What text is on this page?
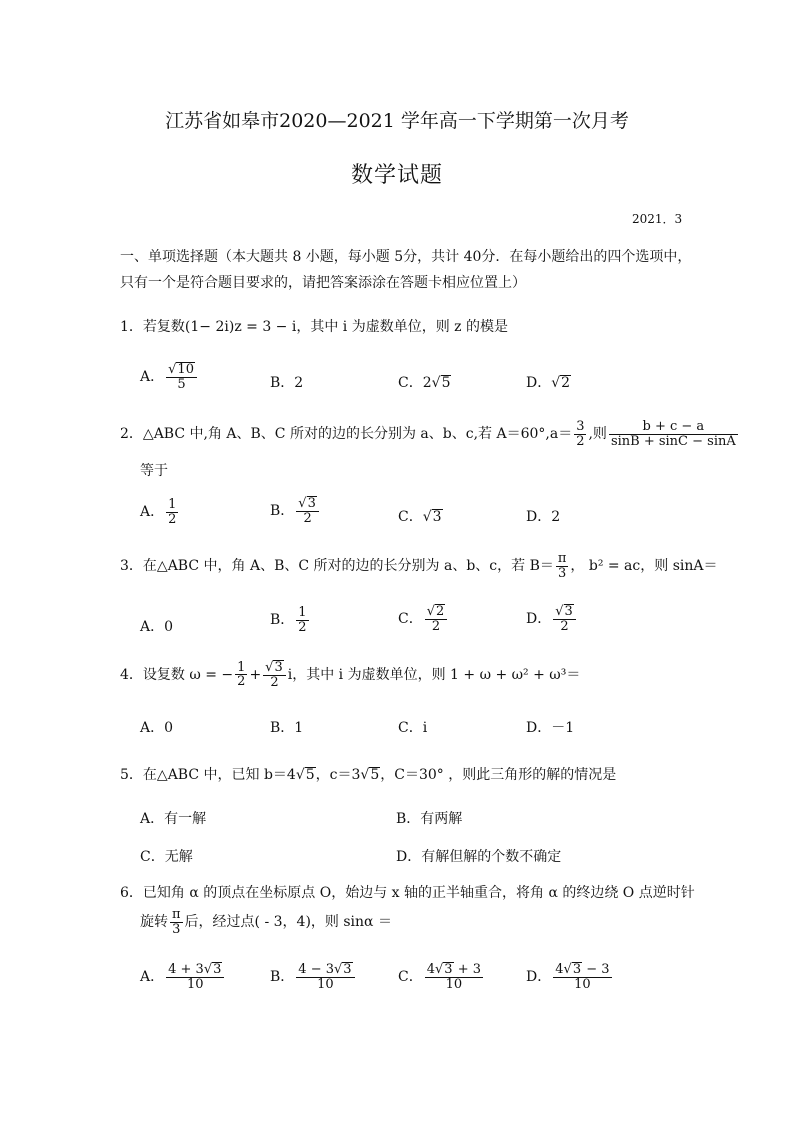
江苏省如皋市2020—2021 学年高一下学期第一次月考
数学试题
2021．3
一、单项选择题（本大题共 8 小题，每小题 5分，共计 40分．在每小题给出的四个选项中，
只有一个是符合题目要求的，请把答案添涂在答题卡相应位置上）
1．若复数(1− 2i)z = 3 − i，其中 i 为虚数单位，则 z 的模是
A． $\frac{√10}{5}$	B．2	C．2√5	D．√2
2．△ABC 中,角 A、B、C 所对的边的长分别为 a、b、c,若 $A=60^\circ,a= \frac{3}{2}$ ,则 $\frac{b + c - a}{\sin B + \sin C - \sin A}$
等于
A． $\frac{1}{2}$	B． $\frac{√3}{2}$	C．√3	D．2
3．在△ABC 中，角 A、B、C 所对的边的长分别为 a、b、c，若 $B= \frac{\pi}{3}$ ， b² = ac，则 sinA＝
A．0	B． $\frac{1}{2}$	C． $\frac{√2}{2}$	D． $\frac{√3}{2}$
4．设复数 ω = − $\frac{1}{2} + \frac{√3}{2}$ i，其中 i 为虚数单位，则 1 + ω + ω² + ω³＝
A．0	B．1	C．i	D．－1
5．在△ABC 中，已知 b＝4√5，c＝3√5，C＝30° ，则此三角形的解的情况是
A．有一解	B．有两解
C．无解	D．有解但解的个数不确定
6．已知角 α 的顶点在坐标原点 O，始边与 x 轴的正半轴重合，将角 α 的终边绕 O 点逆时针
旋转 $\frac{\pi}{3}$ 后，经过点( - 3，4)，则 sinα ＝
A． $\frac{4 + 3√3}{10}$	B． $\frac{4 - 3√3}{10}$	C． $\frac{4√3 + 3}{10}$	D． $\frac{4√3 - 3}{10}$
